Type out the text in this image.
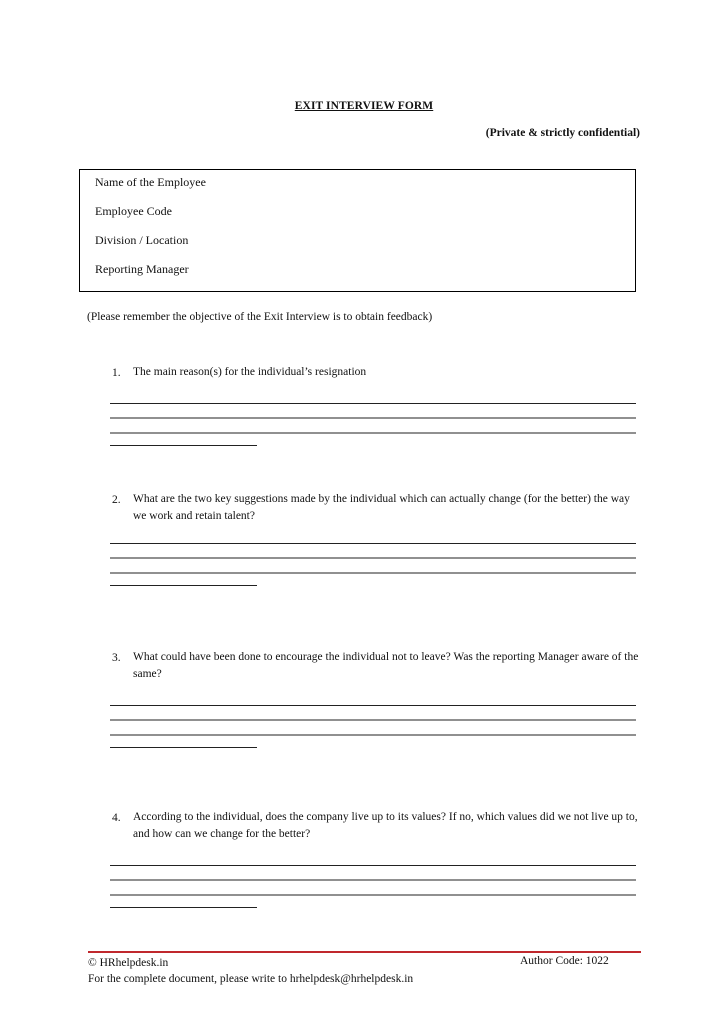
EXIT INTERVIEW FORM
(Private & strictly confidential)
Name of the Employee
Employee Code
Division / Location
Reporting Manager
(Please remember the objective of the Exit Interview is to obtain feedback)
1. The main reason(s) for the individual’s resignation
2. What are the two key suggestions made by the individual which can actually change (for the better) the way we work and retain talent?
3. What could have been done to encourage the individual not to leave? Was the reporting Manager aware of the same?
4. According to the individual, does the company live up to its values? If no, which values did we not live up to, and how can we change for the better?
© HRhelpdesk.in
For the complete document, please write to hrhelpdesk@hrhelpdesk.in
Author Code: 1022
